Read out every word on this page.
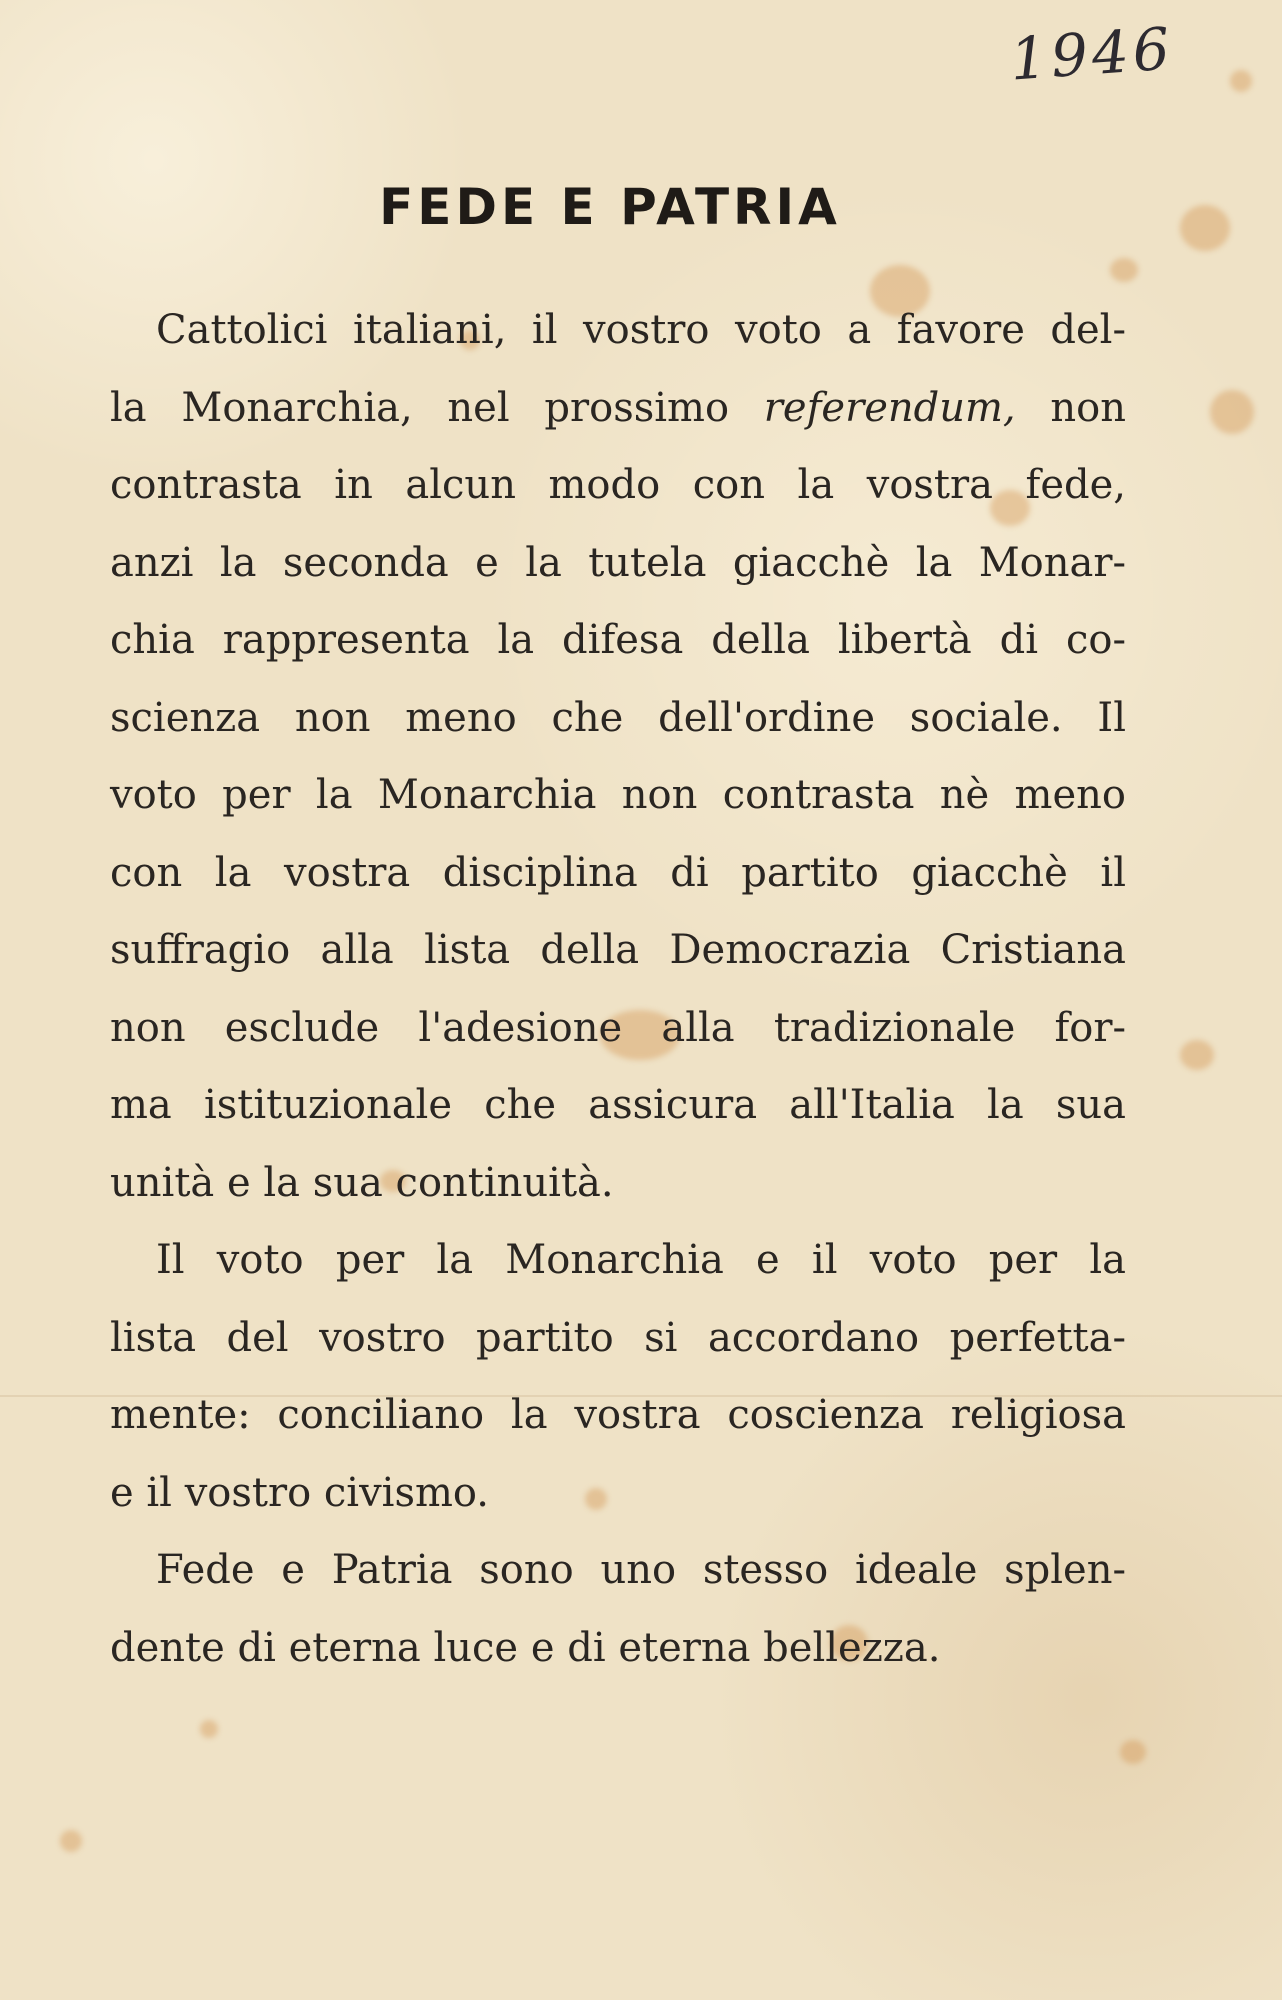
1946
FEDE E PATRIA
Cattolici italiani, il vostro voto a favore del-
la Monarchia, nel prossimo referendum, non
contrasta in alcun modo con la vostra fede,
anzi la seconda e la tutela giacchè la Monar-
chia rappresenta la difesa della libertà di co-
scienza non meno che dell'ordine sociale. Il
voto per la Monarchia non contrasta nè meno
con la vostra disciplina di partito giacchè il
suffragio alla lista della Democrazia Cristiana
non esclude l'adesione alla tradizionale for-
ma istituzionale che assicura all'Italia la sua
unità e la sua continuità.
Il voto per la Monarchia e il voto per la
lista del vostro partito si accordano perfetta-
mente: conciliano la vostra coscienza religiosa
e il vostro civismo.
Fede e Patria sono uno stesso ideale splen-
dente di eterna luce e di eterna bellezza.
